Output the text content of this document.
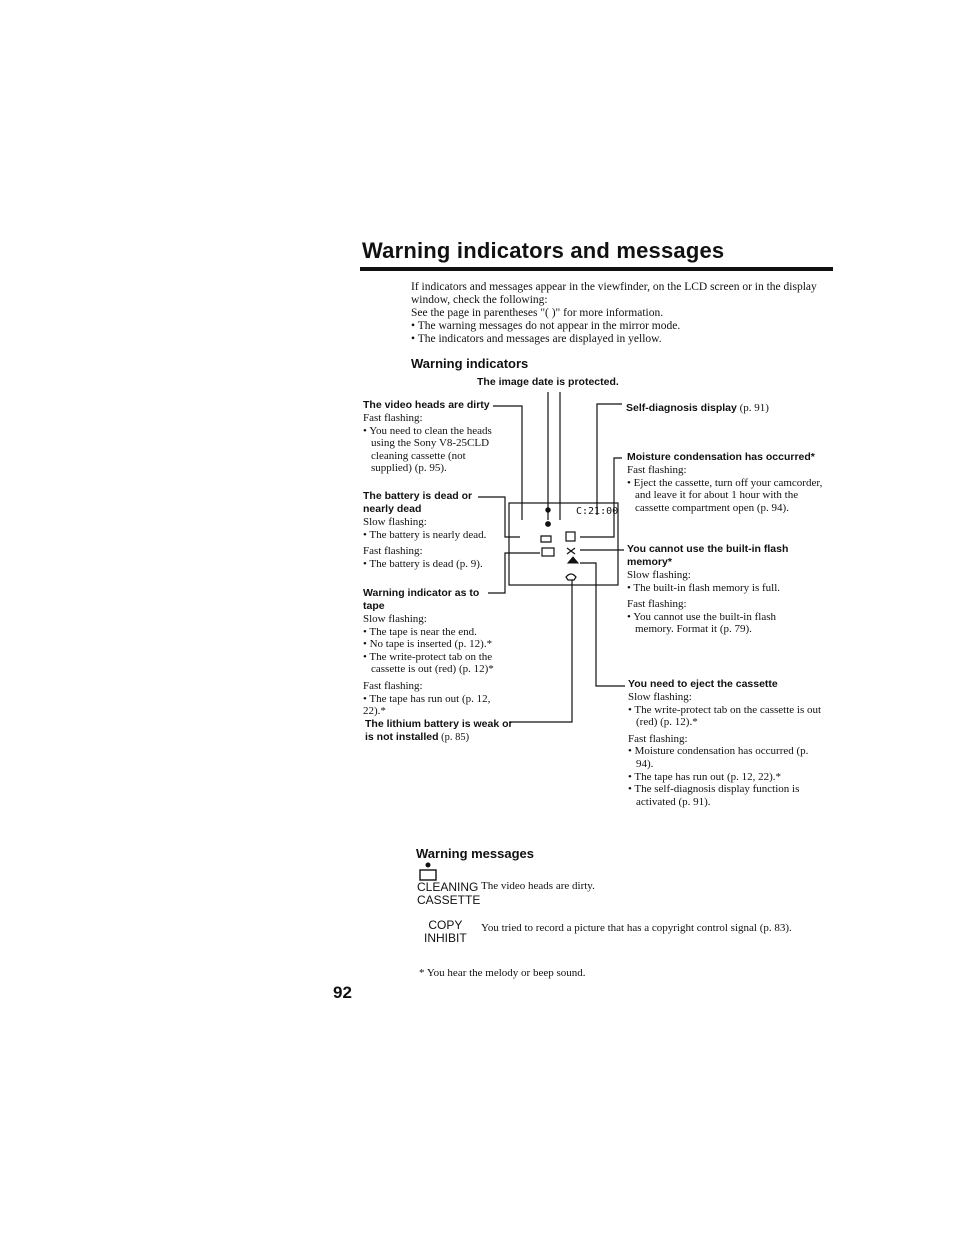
C:21:00
Warning indicators and messages

If indicators and messages appear in the viewfinder, on the LCD screen or in the display window, check the following:

See the page in parentheses "( )" for more information.

• The warning messages do not appear in the mirror mode.

• The indicators and messages are displayed in yellow.

Warning indicators
The image date is protected.
The video heads are dirty
Fast flashing:
• You need to clean the heads using the Sony V8-25CLD cleaning cassette (not supplied) (p. 95).
The battery is dead or nearly dead
Slow flashing:
• The battery is nearly dead.
Fast flashing:
• The battery is dead (p. 9).
Warning indicator as to tape
Slow flashing:
• The tape is near the end.
• No tape is inserted (p. 12).*
• The write-protect tab on the cassette is out (red) (p. 12)*
Fast flashing:
• The tape has run out (p. 12, 22).*
The lithium battery is weak or is not installed (p. 85)
Self-diagnosis display (p. 91)
Moisture condensation has occurred*
Fast flashing:
• Eject the cassette, turn off your camcorder, and leave it for about 1 hour with the cassette compartment open (p. 94).
You cannot use the built-in flash memory*
Slow flashing:
• The built-in flash memory is full.
Fast flashing:
• You cannot use the built-in flash memory. Format it (p. 79).
You need to eject the cassette
Slow flashing:
• The write-protect tab on the cassette is out (red) (p. 12).*
Fast flashing:
• Moisture condensation has occurred (p. 94).
• The tape has run out (p. 12, 22).*
• The self-diagnosis display function is activated (p. 91).
Warning messages
CLEANING
CASSETTE
The video heads are dirty.
COPY
INHIBIT
You tried to record a picture that has a copyright control signal (p. 83).
* You hear the melody or beep sound.
92
